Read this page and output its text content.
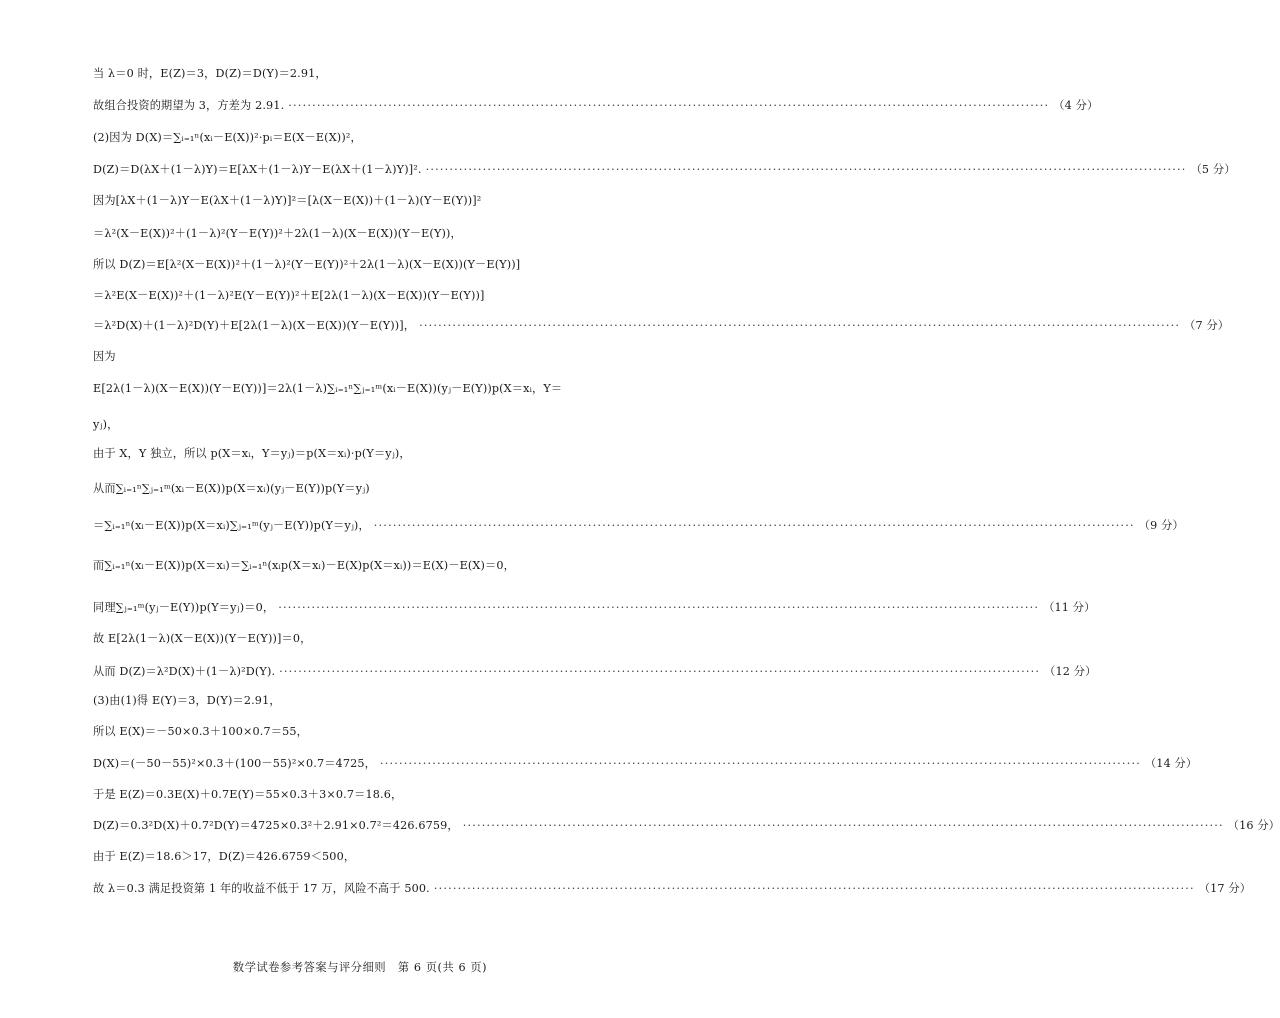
当 λ＝0 时，E(Z)＝3，D(Z)＝D(Y)＝2.91，
故组合投资的期望为 3，方差为 2.91. ································································································································································ （4 分）
(2)因为 D(X)＝∑ᵢ₌₁ⁿ(xᵢ－E(X))²·pᵢ＝E(X－E(X))²，
D(Z)＝D(λX＋(1－λ)Y)＝E[λX＋(1－λ)Y－E(λX＋(1－λ)Y)]². ································································································································································ （5 分）
因为[λX＋(1－λ)Y－E(λX＋(1－λ)Y)]²＝[λ(X－E(X))＋(1－λ)(Y－E(Y))]²
＝λ²(X－E(X))²＋(1－λ)²(Y－E(Y))²＋2λ(1－λ)(X－E(X))(Y－E(Y))，
所以 D(Z)＝E[λ²(X－E(X))²＋(1－λ)²(Y－E(Y))²＋2λ(1－λ)(X－E(X))(Y－E(Y))]
＝λ²E(X－E(X))²＋(1－λ)²E(Y－E(Y))²＋E[2λ(1－λ)(X－E(X))(Y－E(Y))]
＝λ²D(X)＋(1－λ)²D(Y)＋E[2λ(1－λ)(X－E(X))(Y－E(Y))]， ································································································································································ （7 分）
因为
E[2λ(1－λ)(X－E(X))(Y－E(Y))]＝2λ(1－λ)∑ᵢ₌₁ⁿ∑ⱼ₌₁ᵐ(xᵢ－E(X))(yⱼ－E(Y))p(X＝xᵢ，Y＝
yⱼ)，
由于 X，Y 独立，所以 p(X＝xᵢ，Y＝yⱼ)＝p(X＝xᵢ)·p(Y＝yⱼ)，
从而∑ᵢ₌₁ⁿ∑ⱼ₌₁ᵐ(xᵢ－E(X))p(X＝xᵢ)(yⱼ－E(Y))p(Y＝yⱼ)
＝∑ᵢ₌₁ⁿ(xᵢ－E(X))p(X＝xᵢ)∑ⱼ₌₁ᵐ(yⱼ－E(Y))p(Y＝yⱼ)， ································································································································································ （9 分）
而∑ᵢ₌₁ⁿ(xᵢ－E(X))p(X＝xᵢ)＝∑ᵢ₌₁ⁿ(xᵢp(X＝xᵢ)－E(X)p(X＝xᵢ))＝E(X)－E(X)＝0，
同理∑ⱼ₌₁ᵐ(yⱼ－E(Y))p(Y＝yⱼ)＝0， ································································································································································ （11 分）
故 E[2λ(1－λ)(X－E(X))(Y－E(Y))]＝0，
从而 D(Z)＝λ²D(X)＋(1－λ)²D(Y). ································································································································································ （12 分）
(3)由(1)得 E(Y)＝3，D(Y)＝2.91，
所以 E(X)＝－50×0.3＋100×0.7＝55，
D(X)＝(－50－55)²×0.3＋(100－55)²×0.7＝4725， ································································································································································ （14 分）
于是 E(Z)＝0.3E(X)＋0.7E(Y)＝55×0.3＋3×0.7＝18.6，
D(Z)＝0.3²D(X)＋0.7²D(Y)＝4725×0.3²＋2.91×0.7²＝426.6759， ································································································································································ （16 分）
由于 E(Z)＝18.6＞17，D(Z)＝426.6759＜500，
故 λ＝0.3 满足投资第 1 年的收益不低于 17 万，风险不高于 500. ································································································································································ （17 分）
数学试卷参考答案与评分细则　第 6 页(共 6 页)
